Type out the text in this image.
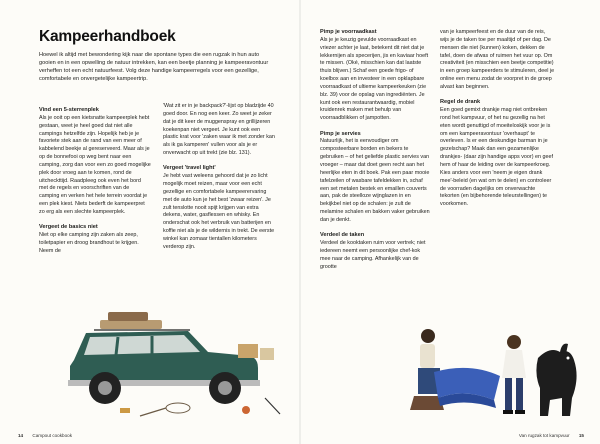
Kampeerhandboek

Hoewel ik altijd met bewondering kijk naar die spontane types die een rugzak in hun auto gooien en in een opwelling de natuur intrekken, kan een beetje planning je kampeeravontuur verheffen tot een echt natuurfeest. Volg deze handige kampeerregels voor een gezellige, comfortabele en onvergetelijke kampeertrip.

Vind een 5-sterrenplek

Als je ooit op een kietsnatte kampeerplek hebt gestaan, weet je heel goed dat niet alle campings hetzelfde zijn. Hopelijk heb je je favoriete stek aan de rand van een meer of kabbelend beekje al gereserveerd. Maar als je op de bonnefooi op weg bent naar een camping, zorg dan voor een zo goed mogelijke plek door vroeg aan te komen, rond de uitcheckttijd. Raadpleeg ook even het bord met de regels en voorschriften van de camping en verken het hele terrein voordat je een plek kiest. Niets bederft de kampeerpret zo erg als een slechte kampeerplek.

Vergeet de basics niet

Niet op elke camping zijn zaken als zeep, toiletpapier en droog brandhout te krijgen. Neem de

'Wat zit er in je backpack?'-lijst op bladzijde 40 goed door. En nog een keer. Zo weet je zeker dat je dit keer de muggenspray en grillijzeren koekenpan niet vergeet. Je kunt ook een plastic krat voor 'zaken waar ik met zonder kan als ik ga kamperen' vullen voor als je er onverwacht op uit trekt (zie blz. 131).

Vergeet 'travel light'

Je hebt vast weleens gehoord dat je zo licht mogelijk moet reizen, maar voor een echt gezellige en comfortabele kampeerervaring met de auto kun je het best 'zwaar reizen'. Je zult tenslotte nooit spijt krijgen van extra dekens, water, gasflessen en whisky. En onderschat ook het verbruik van batterijen en koffie niet als je de wildernis in trekt. De eerste winkel kan zomaar tientallen kilometers verderop zijn.

Pimp je voorraadkast

Als je je keuzig gevulde voorraadkast en vriezer achter je laat, betekent dit niet dat je lekkernijen als specerijen, jis en kaviaar hoeft te missen. (Oké, misschien kan dat laatste thuis blijven.) Schaf een goede frigo- of koelbox aan en investeer in een opklapbare voorraadkast of ultieme kampeerkeuken (zie blz. 39) voor de opslag van ingrediënten. Je kunt ook een restaurantwaardig, mobiel kruidenrek maken met behulp van voorraadblikken of jampotten.

Pimp je servies

Natuurlijk, het is eenvoudiger om composteerbare borden en bekers te gebruiken – of het geliefde plastic servies van vroeger – maar dat doet geen recht aan het heerlijke eten in dit boek. Pak een paar mooie tafelzeilen of wasbare tafeldekken in, schaf een set metalen bestek en emaillen couverts aan, pak de steelloze wijnglazen in en bekijkbel niet op de schalen: je zult de melamine schalen en bakken vaker gebruiken dan je denkt.

Verdeel de taken

Verdeel de kooktaken ruim voor vertrek; niet iedereen neemt een persoonlijke chef-kok mee naar de camping. Afhankelijk van de grootte

van je kampeerfeest en de duur van de reis, wijs je de taken toe per maaltijd of per dag. De mensen die niet (kunnen) koken, dekken de tafel, doen de afwas of ruimen het vuur op. Om creativiteit (en misschien een beetje competitie) in een groep kampeerders te stimuleren, deel je online een menu zodat de voorpret in de groep alvast kan beginnen.

Regel de drank

Een goed gemixt drankje mag niet ontbreken rond het kampvuur, of het nu gezellig na het eten wordt genuttigd of moeiteloskijk voor je is om een kampeeravontuur 'overhaupt' te overleven. Is er een deskundige barman in je gezelschap? Maak dan een gezamenlijke drankjes- (daar zijn handige apps voor) en geef hem of haar de leiding over de kampeerkroeg. Kies anders voor een 'neem je eigen drank mee'-beleid (en wat om te delen) en controleer de voorraden dagelijks om onverwachte tekorten (en bijbehorende teleurstellingen) te voorkomen.

14 Campout cookbook	Van rugzak tot kampvuur 15
